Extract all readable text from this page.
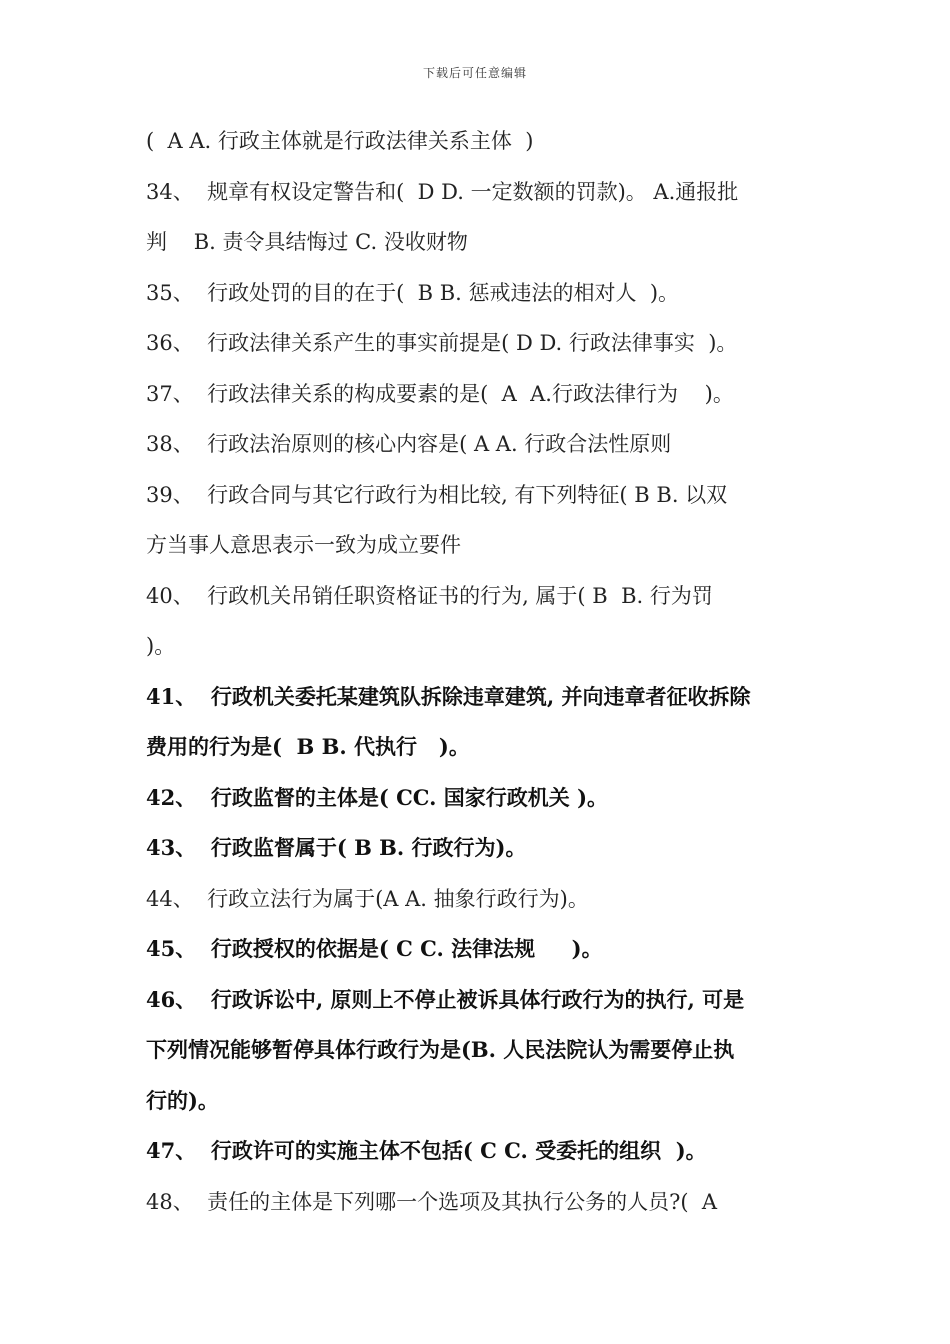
下载后可任意编辑
(  A A. 行政主体就是行政法律关系主体  )
34、  规章有权设定警告和(  D D. 一定数额的罚款)。 A.通报批
判    B. 责令具结悔过 C. 没收财物
35、  行政处罚的目的在于(  B B. 惩戒违法的相对人  )。
36、  行政法律关系产生的事实前提是( D D. 行政法律事实  )。
37、  行政法律关系的构成要素的是(  A  A.行政法律行为    )。
38、  行政法治原则的核心内容是( A A. 行政合法性原则
39、  行政合同与其它行政行为相比较, 有下列特征( B B. 以双
方当事人意思表示一致为成立要件
40、  行政机关吊销任职资格证书的行为, 属于( B  B. 行为罚
)。
41、  行政机关委托某建筑队拆除违章建筑, 并向违章者征收拆除
费用的行为是(  B B. 代执行   )。
42、  行政监督的主体是( CC. 国家行政机关 )。
43、  行政监督属于( B B. 行政行为)。
44、  行政立法行为属于(A A. 抽象行政行为)。
45、  行政授权的依据是( C C. 法律法规     )。
46、  行政诉讼中, 原则上不停止被诉具体行政行为的执行, 可是
下列情况能够暂停具体行政行为是(B. 人民法院认为需要停止执
行的)。
47、  行政许可的实施主体不包括( C C. 受委托的组织  )。
48、  责任的主体是下列哪一个选项及其执行公务的人员?(  A
